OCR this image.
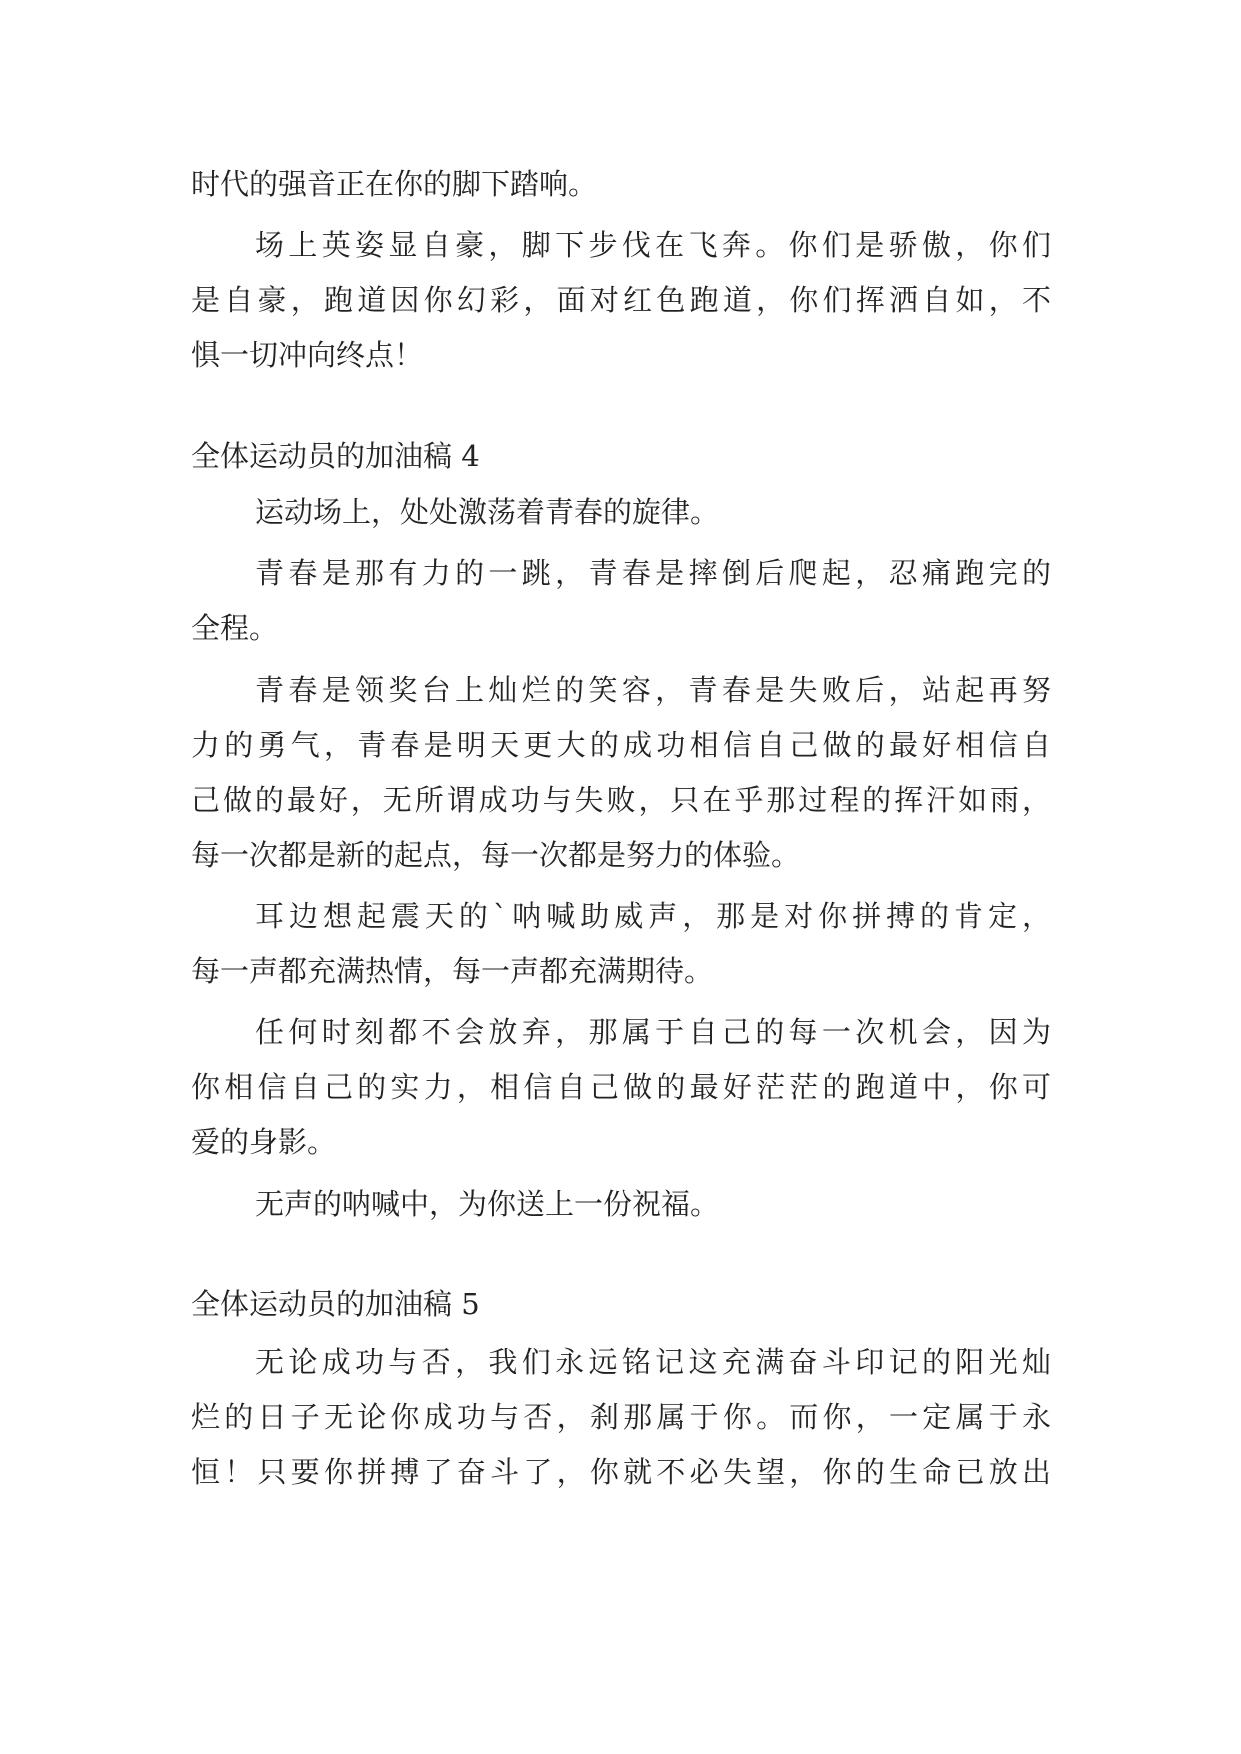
时代的强音正在你的脚下踏响。
场上英姿显自豪，脚下步伐在飞奔。你们是骄傲，你们
是自豪，跑道因你幻彩，面对红色跑道，你们挥洒自如，不
惧一切冲向终点！
全体运动员的加油稿 4
运动场上，处处激荡着青春的旋律。
青春是那有力的一跳，青春是摔倒后爬起，忍痛跑完的
全程。
青春是领奖台上灿烂的笑容，青春是失败后，站起再努
力的勇气，青春是明天更大的成功相信自己做的最好相信自
己做的最好，无所谓成功与失败，只在乎那过程的挥汗如雨，
每一次都是新的起点，每一次都是努力的体验。
耳边想起震天的`呐喊助威声，那是对你拼搏的肯定，
每一声都充满热情，每一声都充满期待。
任何时刻都不会放弃，那属于自己的每一次机会，因为
你相信自己的实力，相信自己做的最好茫茫的跑道中，你可
爱的身影。
无声的呐喊中，为你送上一份祝福。
全体运动员的加油稿 5
无论成功与否，我们永远铭记这充满奋斗印记的阳光灿
烂的日子无论你成功与否，刹那属于你。而你，一定属于永
恒！只要你拼搏了奋斗了，你就不必失望，你的生命已放出
